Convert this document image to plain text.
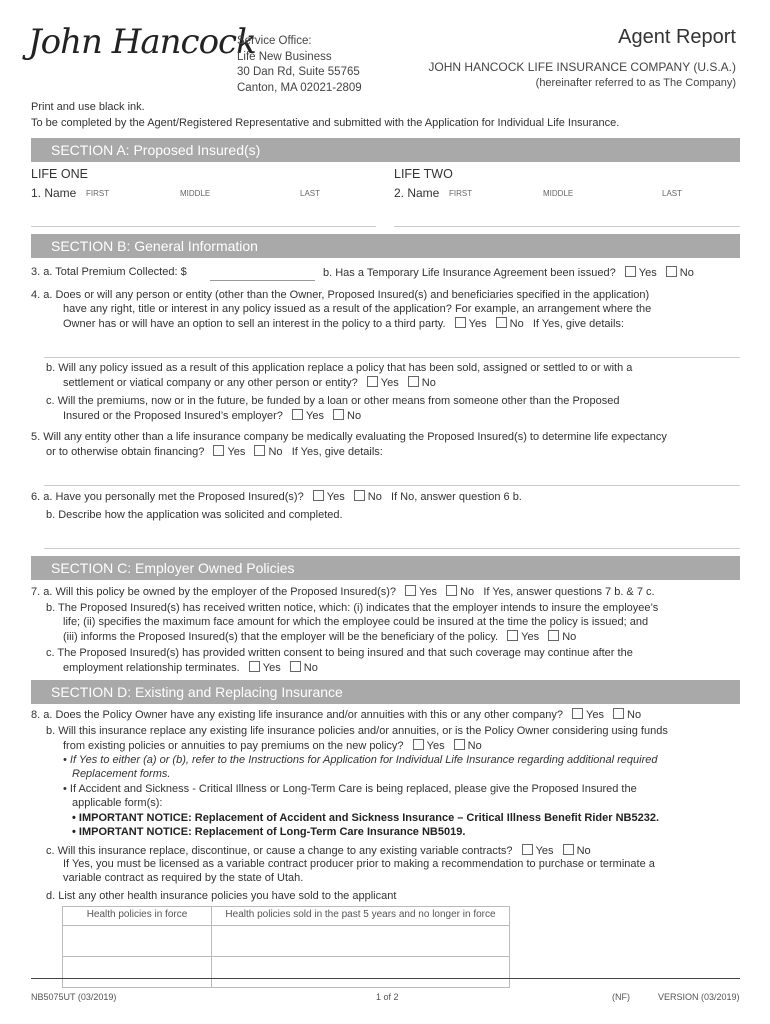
John Hancock
Service Office:
Life New Business
30 Dan Rd, Suite 55765
Canton, MA 02021-2809
Agent Report
JOHN HANCOCK LIFE INSURANCE COMPANY (U.S.A.)
(hereinafter referred to as The Company)
Print and use black ink.
To be completed by the Agent/Registered Representative and submitted with the Application for Individual Life Insurance.
SECTION A: Proposed Insured(s)
LIFE ONE	LIFE TWO
1. Name FIRST	MIDDLE	LAST	2. Name FIRST	MIDDLE	LAST
SECTION B: General Information
3. a. Total Premium Collected: $	b. Has a Temporary Life Insurance Agreement been issued? Yes No
4. a. Does or will any person or entity (other than the Owner, Proposed Insured(s) and beneficiaries specified in the application)
have any right, title or interest in any policy issued as a result of the application? For example, an arrangement where the
Owner has or will have an option to sell an interest in the policy to a third party. Yes No If Yes, give details:
b. Will any policy issued as a result of this application replace a policy that has been sold, assigned or settled to or with a
settlement or viatical company or any other person or entity? Yes No
c. Will the premiums, now or in the future, be funded by a loan or other means from someone other than the Proposed
Insured or the Proposed Insured’s employer? Yes No
5. Will any entity other than a life insurance company be medically evaluating the Proposed Insured(s) to determine life expectancy
or to otherwise obtain financing? Yes No If Yes, give details:
6. a. Have you personally met the Proposed Insured(s)? Yes No If No, answer question 6 b.
b. Describe how the application was solicited and completed.
SECTION C: Employer Owned Policies
7. a. Will this policy be owned by the employer of the Proposed Insured(s)? Yes No If Yes, answer questions 7 b. & 7 c.
b. The Proposed Insured(s) has received written notice, which: (i) indicates that the employer intends to insure the employee’s
life; (ii) specifies the maximum face amount for which the employee could be insured at the time the policy is issued; and
(iii) informs the Proposed Insured(s) that the employer will be the beneficiary of the policy. Yes No
c. The Proposed Insured(s) has provided written consent to being insured and that such coverage may continue after the
employment relationship terminates. Yes No
SECTION D: Existing and Replacing Insurance
8. a. Does the Policy Owner have any existing life insurance and/or annuities with this or any other company? Yes No
b. Will this insurance replace any existing life insurance policies and/or annuities, or is the Policy Owner considering using funds
from existing policies or annuities to pay premiums on the new policy? Yes No
• If Yes to either (a) or (b), refer to the Instructions for Application for Individual Life Insurance regarding additional required
Replacement forms.
• If Accident and Sickness - Critical Illness or Long-Term Care is being replaced, please give the Proposed Insured the
applicable form(s):
• IMPORTANT NOTICE: Replacement of Accident and Sickness Insurance – Critical Illness Benefit Rider NB5232.
• IMPORTANT NOTICE: Replacement of Long-Term Care Insurance NB5019.
c. Will this insurance replace, discontinue, or cause a change to any existing variable contracts? Yes No
If Yes, you must be licensed as a variable contract producer prior to making a recommendation to purchase or terminate a
variable contract as required by the state of Utah.
d. List any other health insurance policies you have sold to the applicant
Health policies in force	Health policies sold in the past 5 years and no longer in force

NB5075UT (03/2019)	1 of 2	(NF)	VERSION (03/2019)
